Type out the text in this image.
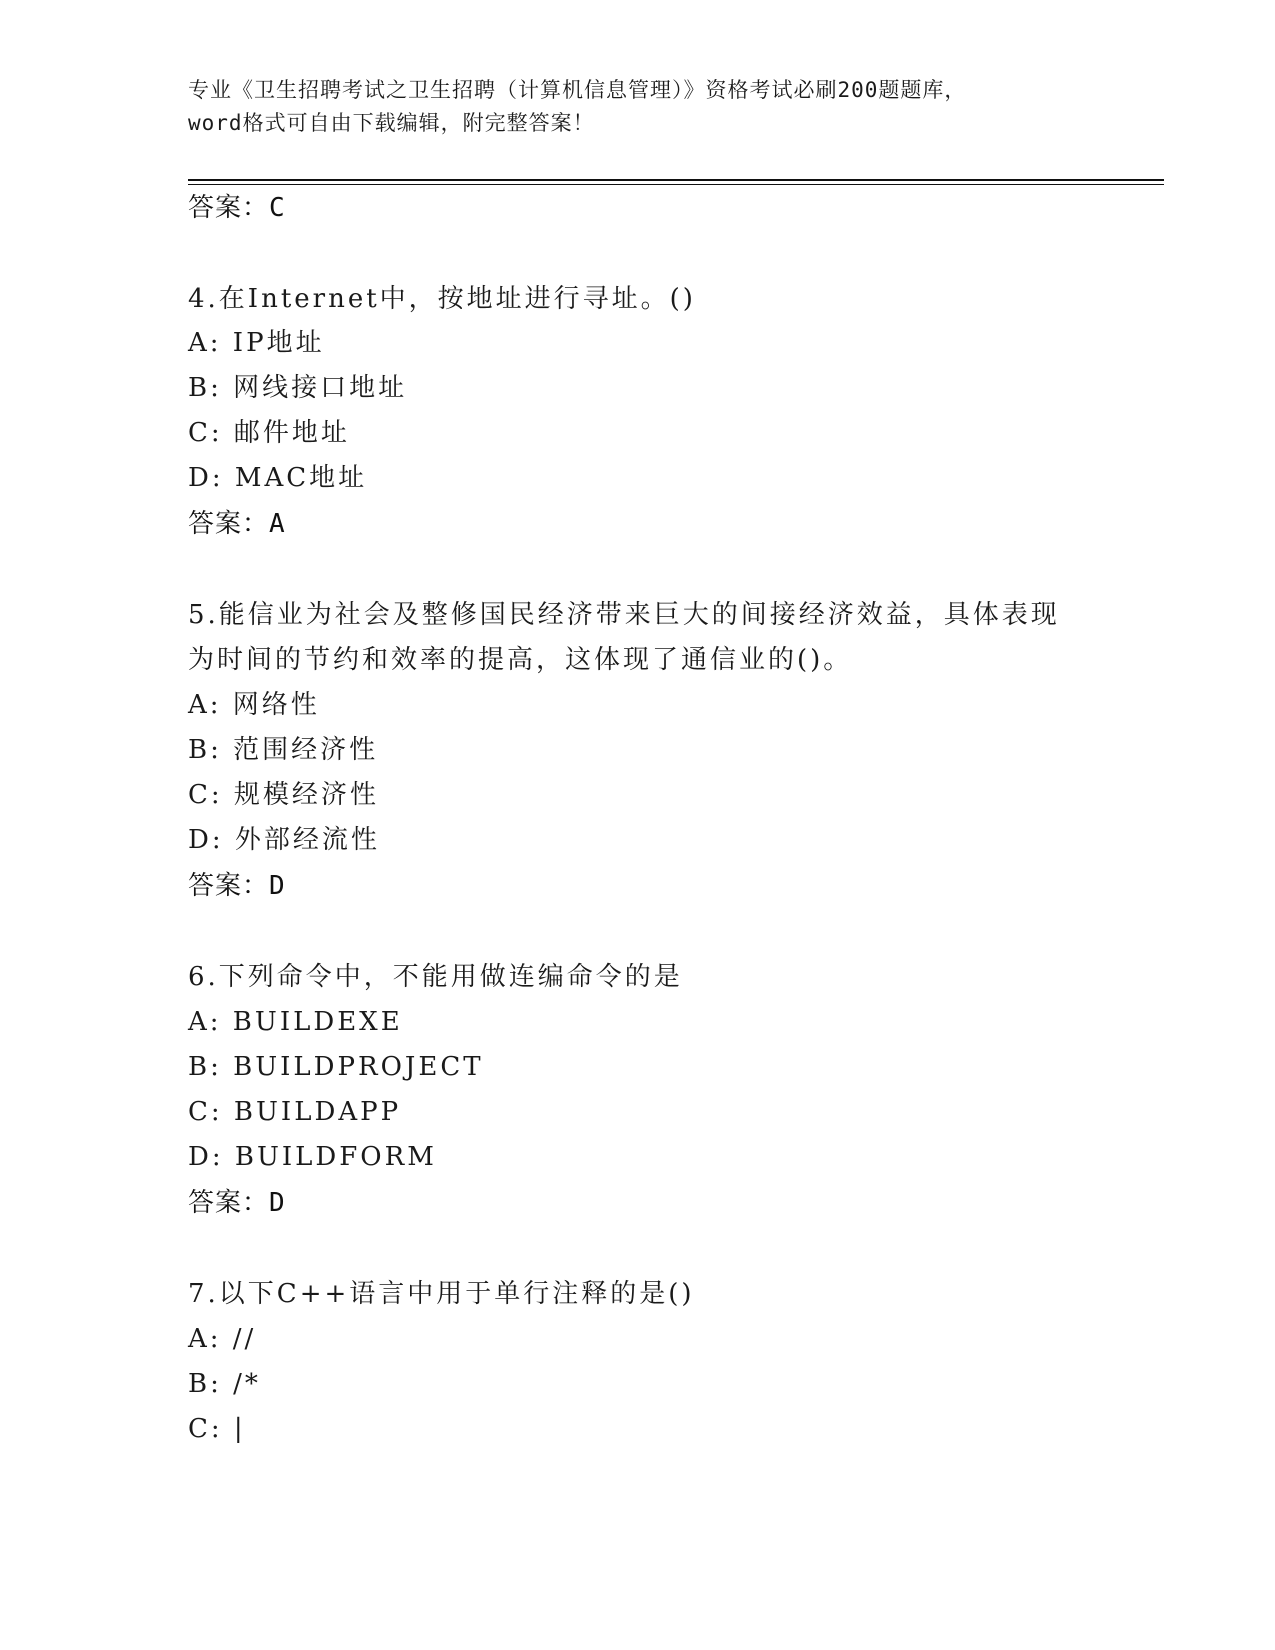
专业《卫生招聘考试之卫生招聘（计算机信息管理）》资格考试必刷200题题库，
word格式可自由下载编辑，附完整答案！
答案：C
4.在Internet中，按地址进行寻址。()
A: IP地址
B: 网线接口地址
C: 邮件地址
D: MAC地址
答案：A
5.能信业为社会及整修国民经济带来巨大的间接经济效益，具体表现
为时间的节约和效率的提高，这体现了通信业的()。
A: 网络性
B: 范围经济性
C: 规模经济性
D: 外部经流性
答案：D
6.下列命令中，不能用做连编命令的是
A: BUILDEXE
B: BUILDPROJECT
C: BUILDAPP
D: BUILDFORM
答案：D
7.以下C++语言中用于单行注释的是()
A: //
B: /*
C: |
